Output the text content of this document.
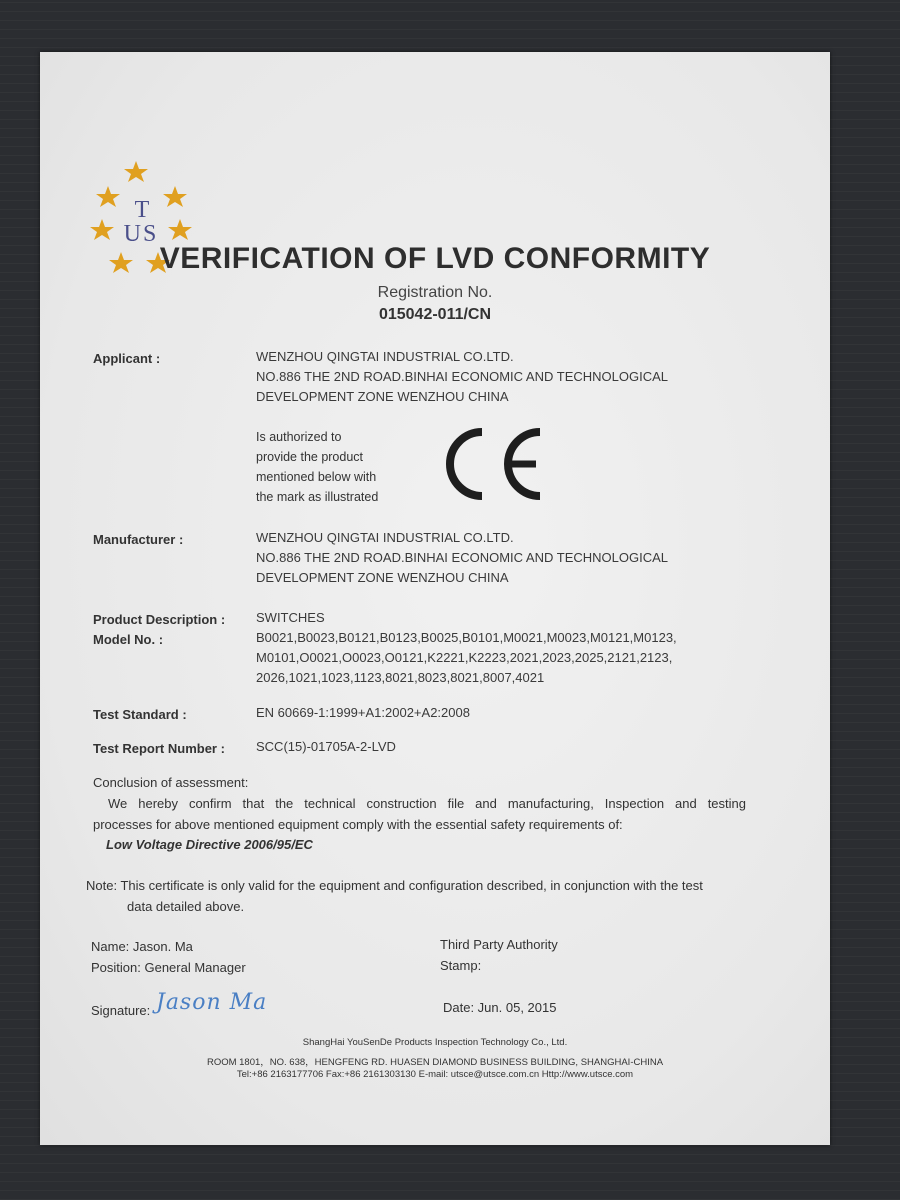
T
US
VERIFICATION OF LVD CONFORMITY
Registration No.
015042-011/CN
Applicant :	WENZHOU QINGTAI INDUSTRIAL CO.LTD.
NO.886 THE 2ND ROAD.BINHAI ECONOMIC AND TECHNOLOGICAL
DEVELOPMENT ZONE WENZHOU CHINA
Is authorized to
provide the product
mentioned below with
the mark as illustrated
Manufacturer :	WENZHOU QINGTAI INDUSTRIAL CO.LTD.
NO.886 THE 2ND ROAD.BINHAI ECONOMIC AND TECHNOLOGICAL
DEVELOPMENT ZONE WENZHOU CHINA
Product Description : SWITCHES
Model No. :	B0021,B0023,B0121,B0123,B0025,B0101,M0021,M0023,M0121,M0123,
M0101,O0021,O0023,O0121,K2221,K2223,2021,2023,2025,2121,2123,
2026,1021,1023,1123,8021,8023,8021,8007,4021
Test Standard :	EN 60669-1:1999+A1:2002+A2:2008
Test Report Number : SCC(15)-01705A-2-LVD
Conclusion of assessment:
We hereby confirm that the technical construction file and manufacturing, Inspection and testing
processes for above mentioned equipment comply with the essential safety requirements of:
Low Voltage Directive 2006/95/EC
Note: This certificate is only valid for the equipment and configuration described, in conjunction with the test
data detailed above.
Name: Jason. Ma
Position: General Manager
Signature: Jason Ma
Third Party Authority
Stamp:
Date: Jun. 05, 2015
ShangHai YouSenDe Products Inspection Technology Co., Ltd.
ROOM 1801，NO. 638，HENGFENG RD. HUASEN DIAMOND BUSINESS BUILDING, SHANGHAI-CHINA
Tel:+86 2163177706 Fax:+86 2161303130 E-mail: utsce@utsce.com.cn Http://www.utsce.com
